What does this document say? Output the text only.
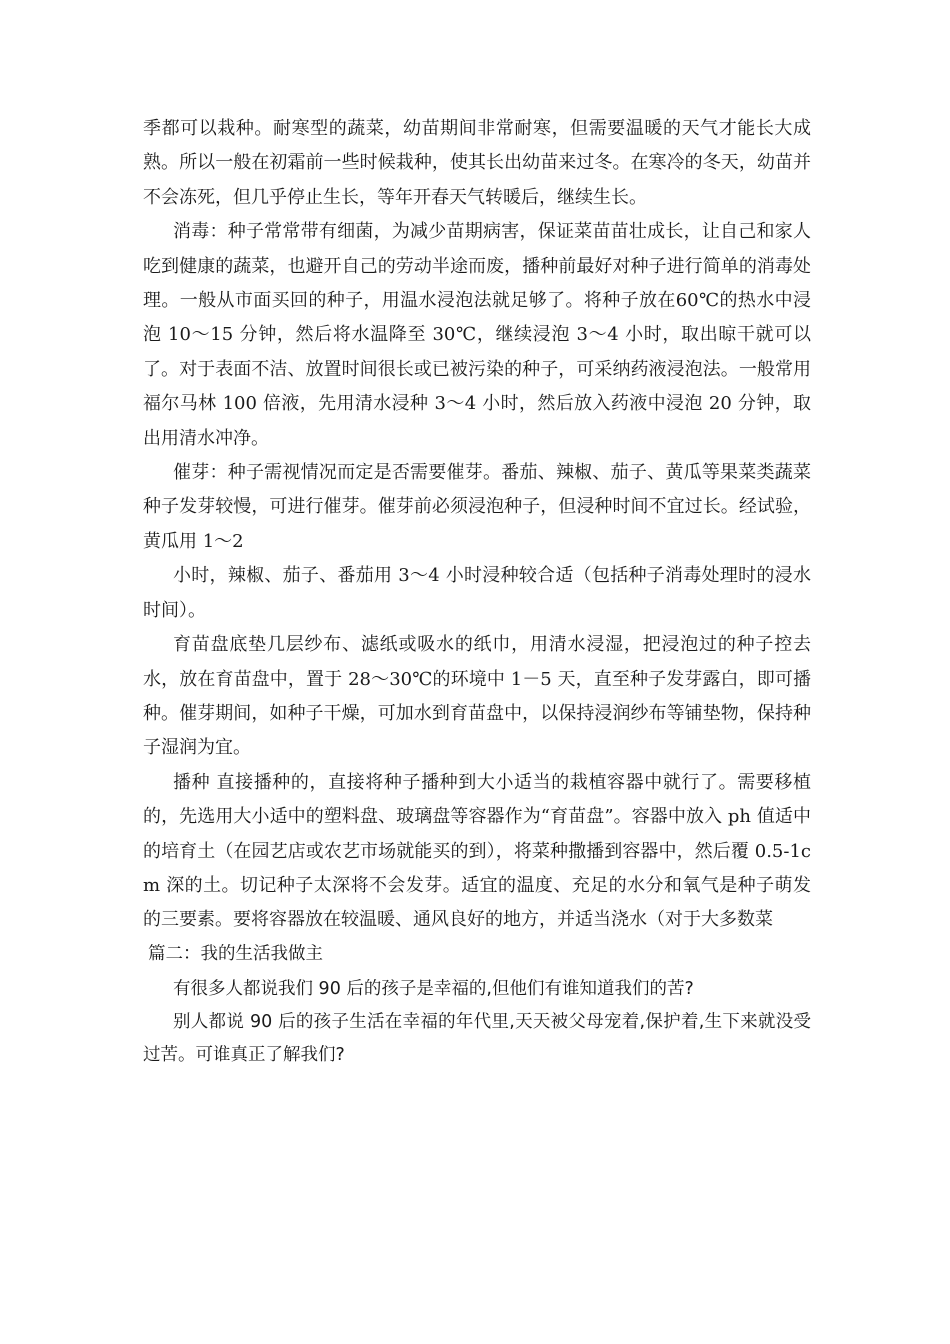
季都可以栽种。耐寒型的蔬菜，幼苗期间非常耐寒，但需要温暖的天气才能长大成熟。所以一般在初霜前一些时候栽种，使其长出幼苗来过冬。在寒冷的冬天，幼苗并不会冻死，但几乎停止生长，等年开春天气转暖后，继续生长。

消毒：种子常常带有细菌，为减少苗期病害，保证菜苗苗壮成长，让自己和家人吃到健康的蔬菜，也避开自己的劳动半途而废，播种前最好对种子进行简单的消毒处理。一般从市面买回的种子，用温水浸泡法就足够了。将种子放在60℃的热水中浸泡 10～15 分钟，然后将水温降至 30℃，继续浸泡 3～4 小时，取出晾干就可以了。对于表面不洁、放置时间很长或已被污染的种子，可采纳药液浸泡法。一般常用福尔马林 100 倍液，先用清水浸种 3～4 小时，然后放入药液中浸泡 20 分钟，取出用清水冲净。

催芽：种子需视情况而定是否需要催芽。番茄、辣椒、茄子、黄瓜等果菜类蔬菜种子发芽较慢，可进行催芽。催芽前必须浸泡种子，但浸种时间不宜过长。经试验，黄瓜用 1～2

小时，辣椒、茄子、番茄用 3～4 小时浸种较合适（包括种子消毒处理时的浸水时间）。

育苗盘底垫几层纱布、滤纸或吸水的纸巾，用清水浸湿，把浸泡过的种子控去水，放在育苗盘中，置于 28～30℃的环境中 1－5 天，直至种子发芽露白，即可播种。催芽期间，如种子干燥，可加水到育苗盘中，以保持浸润纱布等铺垫物，保持种子湿润为宜。

播种 直接播种的，直接将种子播种到大小适当的栽植容器中就行了。需要移植的，先选用大小适中的塑料盘、玻璃盘等容器作为“育苗盘”。容器中放入 ph 值适中的培育土（在园艺店或农艺市场就能买的到），将菜种撒播到容器中，然后覆 0.5-1cm 深的土。切记种子太深将不会发芽。适宜的温度、充足的水分和氧气是种子萌发的三要素。要将容器放在较温暖、通风良好的地方，并适当浇水（对于大多数菜

篇二：我的生活我做主

有很多人都说我们 90 后的孩子是幸福的,但他们有谁知道我们的苦?

别人都说 90 后的孩子生活在幸福的年代里,天天被父母宠着,保护着,生下来就没受过苦。可谁真正了解我们?
